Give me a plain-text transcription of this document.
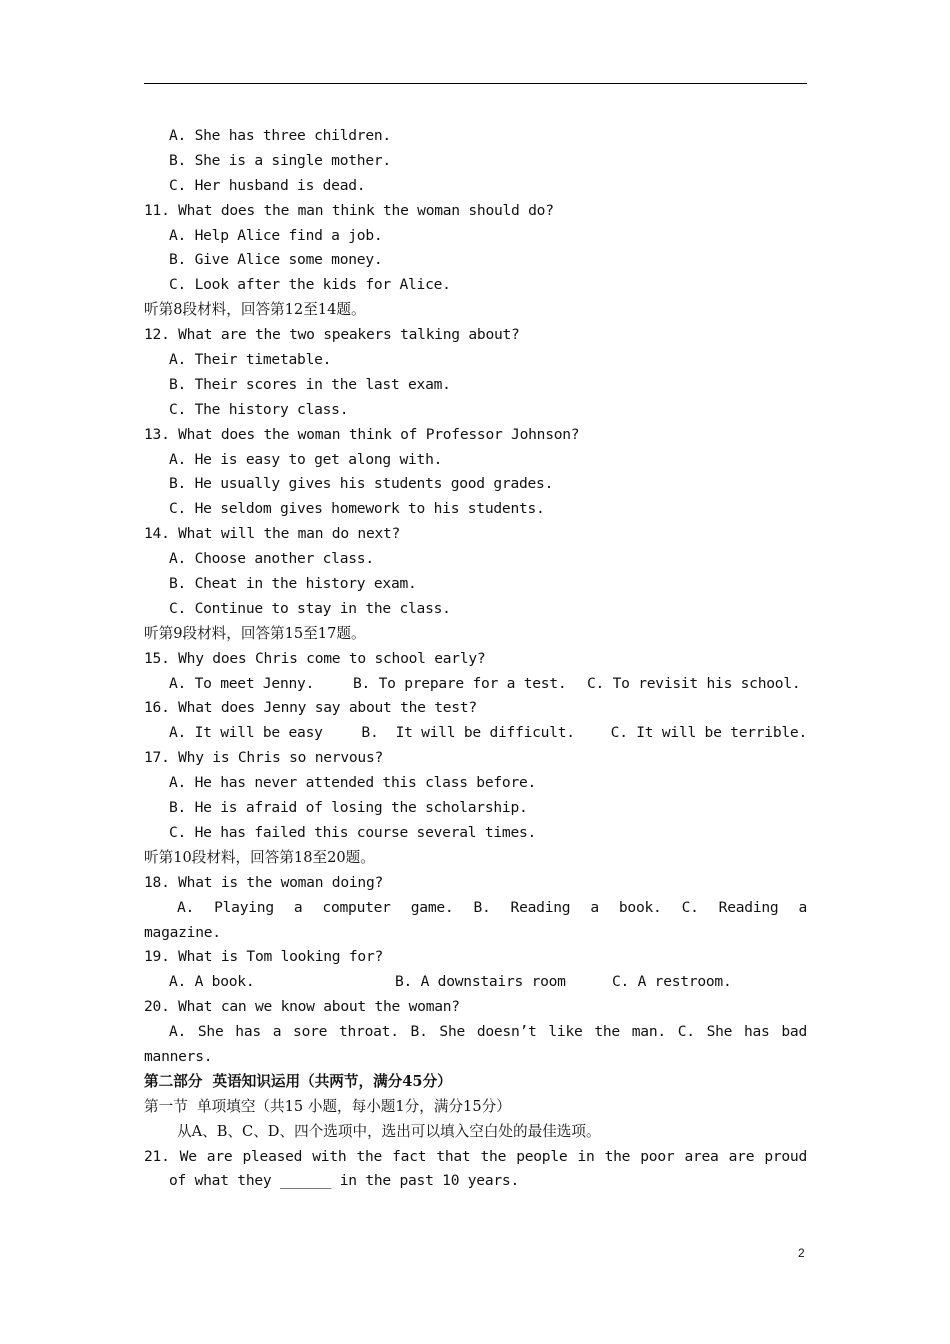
A. She has three children.
B. She is a single mother.
C. Her husband is dead.
11. What does the man think the woman should do?
A. Help Alice find a job.
B. Give Alice some money.
C. Look after the kids for Alice.
听第8段材料，回答第12至14题。
12. What are the two speakers talking about?
A. Their timetable.
B. Their scores in the last exam.
C. The history class.
13. What does the woman think of Professor Johnson?
A. He is easy to get along with.
B. He usually gives his students good grades.
C. He seldom gives homework to his students.
14. What will the man do next?
A. Choose another class.
B. Cheat in the history exam.
C. Continue to stay in the class.
听第9段材料，回答第15至17题。
15. Why does Chris come to school early?
A. To meet Jenny.	B. To prepare for a test.	C. To revisit his school.
16. What does Jenny say about the test?
A. It will be easy	B.  It will be difficult.	C. It will be terrible.
17. Why is Chris so nervous?
A. He has never attended this class before.
B. He is afraid of losing the scholarship.
C. He has failed this course several times.
听第10段材料，回答第18至20题。
18. What is the woman doing?
A. Playing a computer game. B. Reading a book. C. Reading a magazine.
19. What is Tom looking for?
A. A book.	B. A downstairs room	C. A restroom.
20. What can we know about the woman?
A. She has a sore throat. B. She doesn’t like the man. C. She has bad manners.
第二部分  英语知识运用（共两节，满分45分）
第一节  单项填空（共15 小题，每小题1分，满分15分）
从A、B、C、D、四个选项中，选出可以填入空白处的最佳选项。
21. We are pleased with the fact that the people in the poor area are proud of what they ______ in the past 10 years.
2
